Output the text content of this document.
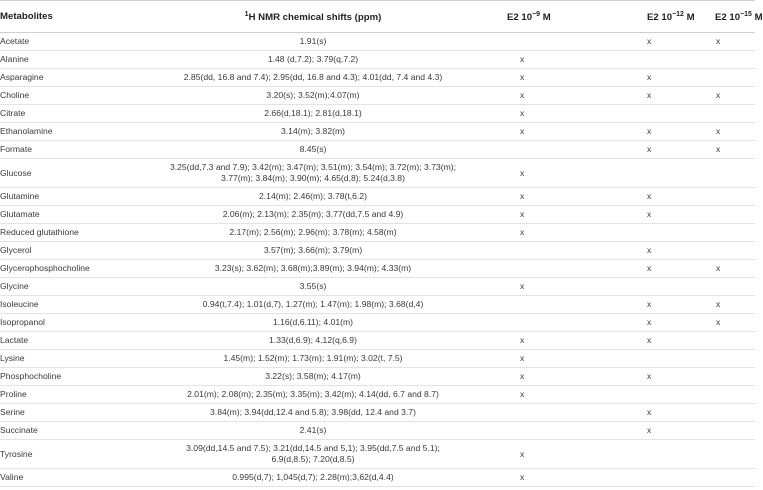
Metabolites	$^1$H NMR chemical shifts (ppm)	E2 $10^{-9}$ M	E2 $10^{-12}$ M	E2 $10^{-15}$ M
Acetate	1.91(s)		x	x
Alanine	1.48 (d,7.2); 3.79(q,7.2)	x		
Asparagine	2.85(dd, 16.8 and 7.4); 2.95(dd, 16.8 and 4.3); 4.01(dd, 7.4 and 4.3)	x	x	
Choline	3.20(s); 3.52(m);4.07(m)	x	x	x
Citrate	2.66(d,18.1); 2.81(d,18.1)	x		
Ethanolamine	3.14(m); 3.82(m)	x	x	x
Formate	8.45(s)		x	x
Glucose	3.25(dd,7.3 and 7.9); 3.42(m); 3.47(m); 3.51(m); 3.54(m); 3.72(m); 3.73(m);
3.77(m); 3.84(m); 3.90(m); 4.65(d,8); 5.24(d,3.8)	x		
Glutamine	2.14(m); 2.46(m); 3.78(t,6.2)	x	x	
Glutamate	2.06(m); 2.13(m); 2.35(m); 3.77(dd,7.5 and 4.9)	x	x	
Reduced glutathione	2.17(m); 2.56(m); 2.96(m); 3.78(m); 4.58(m)	x		
Glycerol	3.57(m); 3.66(m); 3.79(m)		x	
Glycerophosphocholine	3.23(s); 3.62(m); 3.68(m);3.89(m); 3.94(m); 4.33(m)		x	x
Glycine	3.55(s)	x		
Isoleucine	0.94(t,7.4); 1.01(d,7), 1.27(m); 1.47(m); 1.98(m); 3.68(d,4)		x	x
Isopropanol	1.16(d,6.11); 4.01(m)		x	x
Lactate	1.33(d,6.9); 4.12(q,6.9)	x	x	
Lysine	1.45(m); 1.52(m); 1.73(m); 1.91(m); 3.02(t, 7.5)	x		
Phosphocholine	3.22(s); 3.58(m); 4.17(m)	x	x	
Proline	2.01(m); 2.08(m); 2.35(m); 3.35(m); 3.42(m); 4.14(dd, 6.7 and 8.7)	x		
Serine	3.84(m); 3.94(dd,12.4 and 5.8); 3.98(dd, 12.4 and 3.7)		x	
Succinate	2.41(s)		x	
Tyrosine	3.09(dd,14.5 and 7.5); 3.21(dd,14.5 and 5,1); 3.95(dd,7.5 and 5.1);
6.9(d,8.5); 7.20(d,8.5)	x		
Valine	0.995(d,7); 1,045(d,7); 2.28(m);3,62(d,4.4)	x		
